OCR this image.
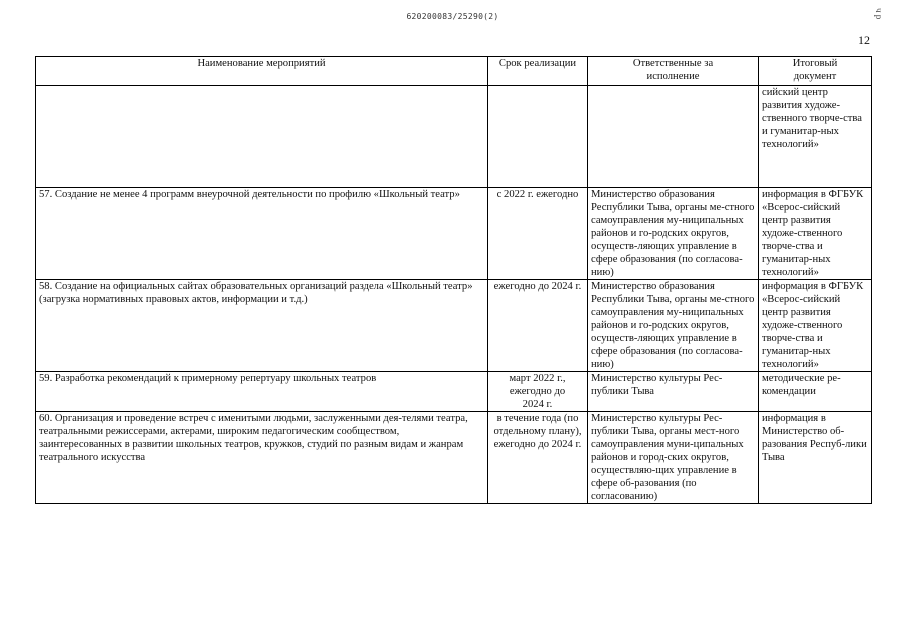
620200083/25290(2)	ч р
12
Наименование мероприятий	Срок реализации	Ответственные за исполнение	Итоговый документ
			сийский центр развития художе-ственного творче-ства и гуманитар-ных технологий»
57. Создание не менее 4 программ внеурочной деятельности по профилю «Школьный театр»	с 2022 г. ежегодно	Министерство образования Республики Тыва, органы ме-стного самоуправления му-ниципальных районов и го-родских округов, осуществ-ляющих управление в сфере образования (по согласова-нию)	информация в ФГБУК «Всерос-сийский центр развития художе-ственного творче-ства и гуманитар-ных технологий»
58. Создание на официальных сайтах образовательных организаций раздела «Школьный театр» (загрузка нормативных правовых актов, информации и т.д.)	ежегодно до 2024 г.	Министерство образования Республики Тыва, органы ме-стного самоуправления му-ниципальных районов и го-родских округов, осуществ-ляющих управление в сфере образования (по согласова-нию)	информация в ФГБУК «Всерос-сийский центр развития художе-ственного творче-ства и гуманитар-ных технологий»
59. Разработка рекомендаций к примерному репертуару школьных театров	март 2022 г., ежегодно до 2024 г.	Министерство культуры Рес-публики Тыва	методические ре-комендации
60. Организация и проведение встреч с именитыми людьми, заслуженными дея-телями театра, театральными режиссерами, актерами, широким педагогическим сообществом, заинтересованных в развитии школьных театров, кружков, студий по разным видам и жанрам театрального искусства	в течение года (по отдельному плану), ежегодно до 2024 г.	Министерство культуры Рес-публики Тыва, органы мест-ного самоуправления муни-ципальных районов и город-ских округов, осуществляю-щих управление в сфере об-разования (по согласованию)	информация в Министерство об-разования Респуб-лики Тыва
